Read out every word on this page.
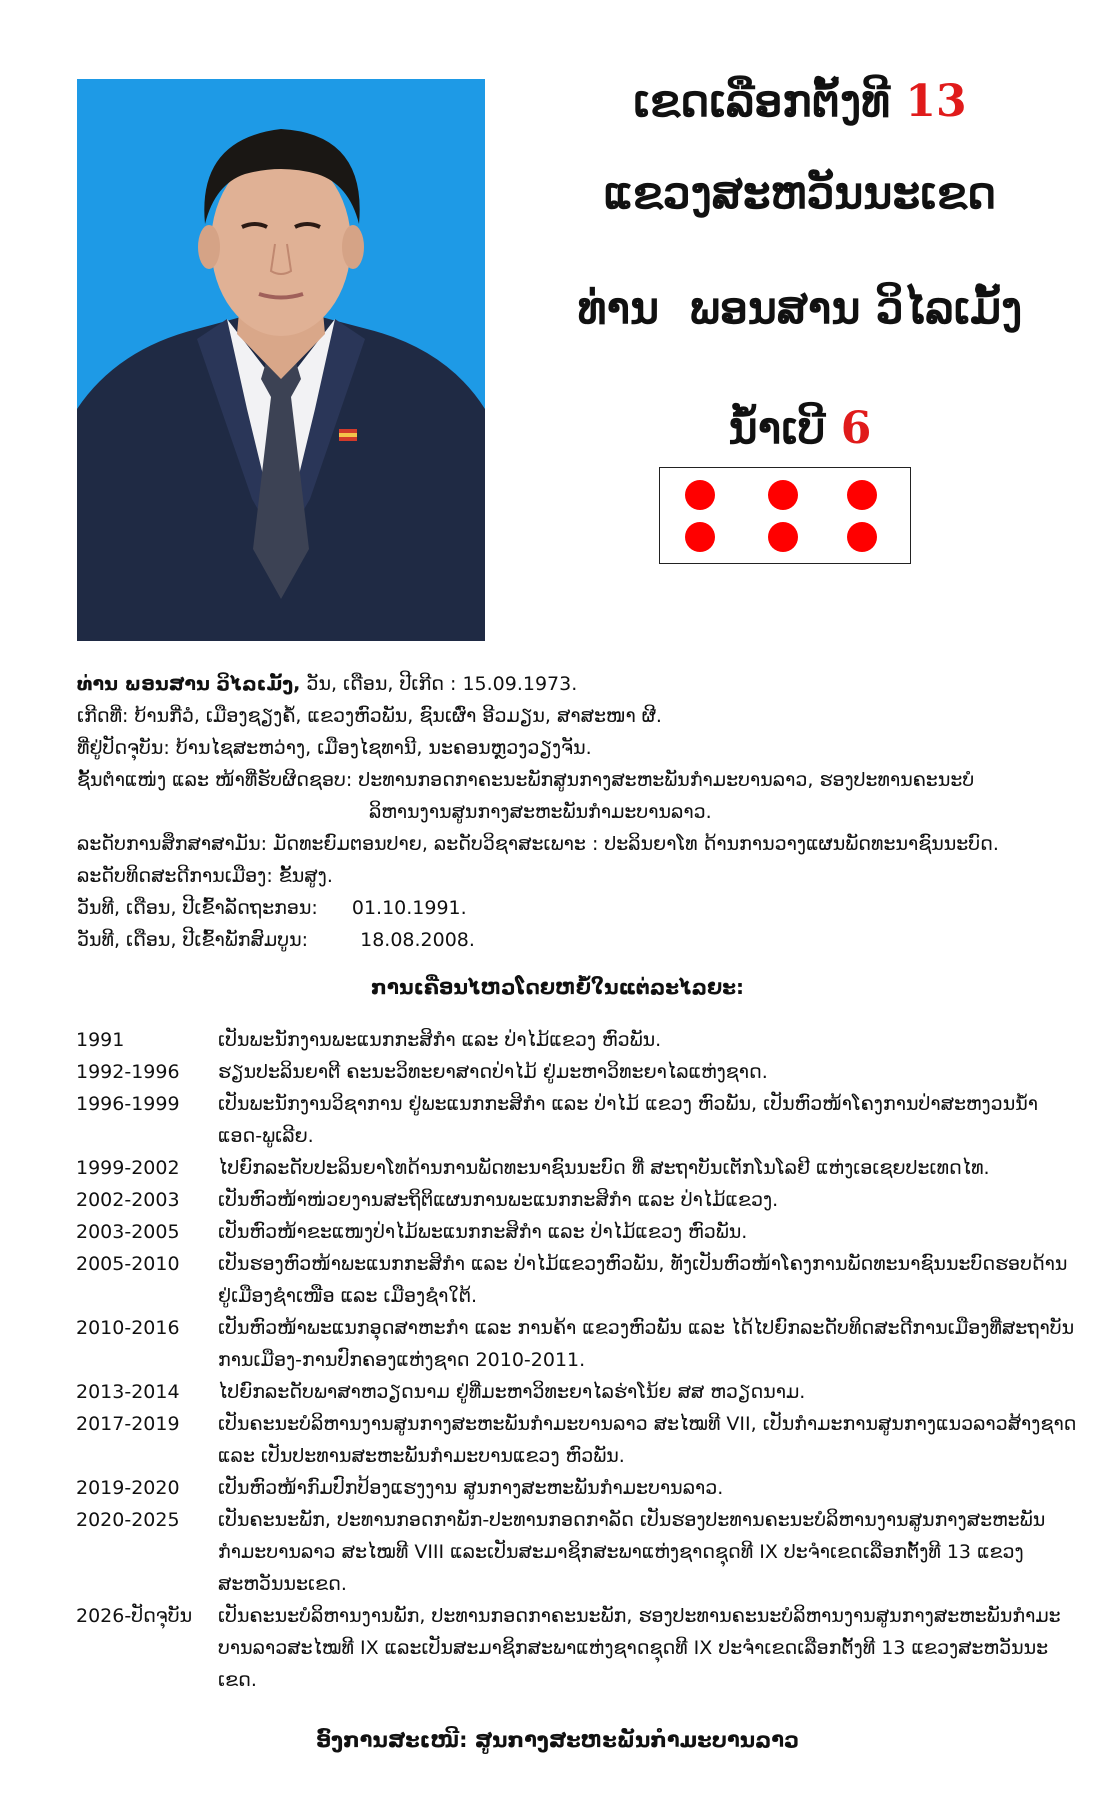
ເຂດເລືອກຕັ້ງທີ 13
ແຂວງສະຫວັນນະເຂດ
ທ່ານ  ພອນສານ ວິໄລເມັ້ງ
ນໍ້າເບີ 6
ທ່ານ ພອນສານ ວິໄລເມັ້ງ, ວັນ, ເດືອນ, ປີເກີດ : 15.09.1973.
ເກີດທີ່: ບ້ານກີ່ວໍ, ເມືອງຊຽງຄໍ້, ແຂວງຫົວພັນ, ຊົນເຜົ່າ ອີວມຽນ, ສາສະໜາ ຜີ.
ທີ່ຢູ່ປັດຈຸບັນ: ບ້ານໄຊສະຫວ່າງ, ເມືອງໄຊທານີ, ນະຄອນຫຼວງວຽງຈັນ.
ຊັ້ນຕໍາແໜ່ງ ແລະ ໜ້າທີ່ຮັບຜິດຊອບ: ປະທານກອດກາຄະນະພັກສູນກາງສະຫະພັນກໍາມະບານລາວ, ຮອງປະທານຄະນະບໍ
ລິຫານງານສູນກາງສະຫະພັນກໍາມະບານລາວ.
ລະດັບການສຶກສາສາມັນ: ມັດທະຍົມຕອນປາຍ, ລະດັບວິຊາສະເພາະ : ປະລິນຍາໂທ ດ້ານການວາງແຜນພັດທະນາຊົນນະບົດ.
ລະດັບທິດສະດີການເມືອງ: ຂັ້ນສູງ.
ວັນທີ, ເດືອນ, ປີເຂົ້າລັດຖະກອນ: 01.10.1991.
ວັນທີ, ເດືອນ, ປີເຂົ້າພັກສົມບູນ:	18.08.2008.
ການເຄື່ອນໄຫວໂດຍຫຍໍ້ໃນແຕ່ລະໄລຍະ:
1991	ເປັນພະນັກງານພະແນກກະສິກໍາ ແລະ ປ່າໄມ້ແຂວງ ຫົວພັນ.
1992-1996	ຮຽນປະລິນຍາຕີ ຄະນະວິທະຍາສາດປ່າໄມ້ ຢູ່ມະຫາວິທະຍາໄລແຫ່ງຊາດ.
1996-1999	ເປັນພະນັກງານວິຊາການ ຢູ່ພະແນກກະສິກໍາ ແລະ ປ່າໄມ້ ແຂວງ ຫົວພັນ, ເປັນຫົວໜ້າໂຄງການປ່າສະຫງວນນໍ້າແອດ-ພູເລີຍ.
1999-2002	ໄປຍົກລະດັບປະລິນຍາໂທດ້ານການພັດທະນາຊົນນະບົດ ທີ່ ສະຖາບັນເຕັກໂນໂລຢີ ແຫ່ງເອເຊຍປະເທດໄທ.
2002-2003	ເປັນຫົວໜ້າໜ່ວຍງານສະຖິຕິແຜນການພະແນກກະສິກໍາ ແລະ ປ່າໄມ້ແຂວງ.
2003-2005	ເປັນຫົວໜ້າຂະແໜງປ່າໄມ້ພະແນກກະສິກໍາ ແລະ ປ່າໄມ້ແຂວງ ຫົວພັນ.
2005-2010	ເປັນຮອງຫົວໜ້າພະແນກກະສິກໍາ ແລະ ປ່າໄມ້ແຂວງຫົວພັນ, ທັງເປັນຫົວໜ້າໂຄງການພັດທະນາຊົນນະບົດຮອບດ້ານ ຢູ່ເມືອງຊໍາເໜືອ ແລະ ເມືອງຊໍາໃຕ້.
2010-2016	ເປັນຫົວໜ້າພະແນກອຸດສາຫະກໍາ ແລະ ການຄ້າ ແຂວງຫົວພັນ ແລະ ໄດ້ໄປຍົກລະດັບທິດສະດີການເມືອງທີ່ສະຖາບັນການເມືອງ-ການປົກຄອງແຫ່ງຊາດ 2010-2011.
2013-2014	ໄປຍົກລະດັບພາສາຫວຽດນາມ ຢູ່ທີ່ມະຫາວິທະຍາໄລຮ່າໂນ້ຍ ສສ ຫວຽດນາມ.
2017-2019	ເປັນຄະນະບໍລິຫານງານສູນກາງສະຫະພັນກໍາມະບານລາວ ສະໄໝທີ VII, ເປັນກໍາມະການສູນກາງແນວລາວສ້າງຊາດ ແລະ ເປັນປະທານສະຫະພັນກໍາມະບານແຂວງ ຫົວພັນ.
2019-2020	ເປັນຫົວໜ້າກົມປົກປ້ອງແຮງງານ ສູນກາງສະຫະພັນກໍາມະບານລາວ.
2020-2025	ເປັນຄະນະພັກ, ປະທານກອດກາພັກ-ປະທານກອດກາລັດ ເປັນຮອງປະທານຄະນະບໍລິຫານງານສູນກາງສະຫະພັນກໍາມະບານລາວ ສະໄໝທີ VIII ແລະເປັນສະມາຊິກສະພາແຫ່ງຊາດຊຸດທີ IX ປະຈໍາເຂດເລືອກຕັ້ງທີ 13 ແຂວງ ສະຫວັນນະເຂດ.
2026-ປັດຈຸບັນ	ເປັນຄະນະບໍລິຫານງານພັກ, ປະທານກອດກາຄະນະພັກ, ຮອງປະທານຄະນະບໍລິຫານງານສູນກາງສະຫະພັນກໍາມະບານລາວສະໄໝທີ IX ແລະເປັນສະມາຊິກສະພາແຫ່ງຊາດຊຸດທີ IX ປະຈໍາເຂດເລືອກຕັ້ງທີ 13 ແຂວງສະຫວັນນະເຂດ.
ອົງການສະເໜີ: ສູນກາງສະຫະພັນກໍາມະບານລາວ
